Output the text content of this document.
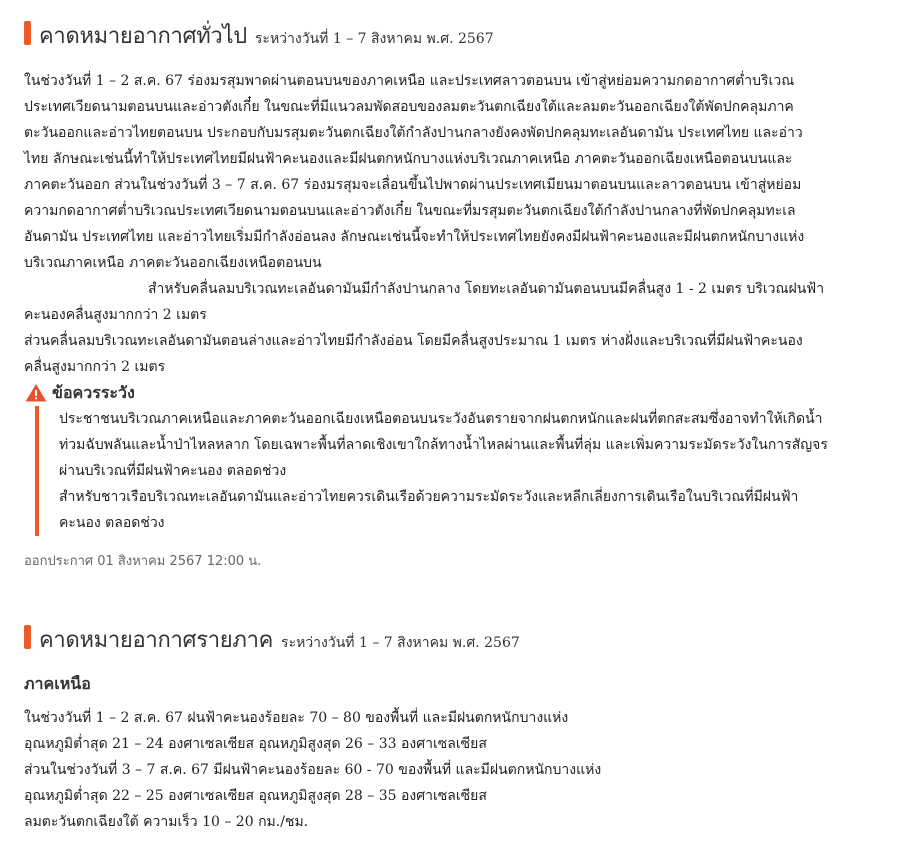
คาดหมายอากาศทั่วไป ระหว่างวันที่ 1 – 7 สิงหาคม พ.ศ. 2567

ในช่วงวันที่ 1 – 2 ส.ค. 67 ร่องมรสุมพาดผ่านตอนบนของภาคเหนือ และประเทศลาวตอนบน เข้าสู่หย่อมความกดอากาศต่ำบริเวณ
ประเทศเวียดนามตอนบนและอ่าวตังเกี๋ย ในขณะที่มีแนวลมพัดสอบของลมตะวันตกเฉียงใต้และลมตะวันออกเฉียงใต้พัดปกคลุมภาค
ตะวันออกและอ่าวไทยตอนบน ประกอบกับมรสุมตะวันตกเฉียงใต้กำลังปานกลางยังคงพัดปกคลุมทะเลอันดามัน ประเทศไทย และอ่าว
ไทย ลักษณะเช่นนี้ทำให้ประเทศไทยมีฝนฟ้าคะนองและมีฝนตกหนักบางแห่งบริเวณภาคเหนือ ภาคตะวันออกเฉียงเหนือตอนบนและ
ภาคตะวันออก ส่วนในช่วงวันที่ 3 – 7 ส.ค. 67 ร่องมรสุมจะเลื่อนขึ้นไปพาดผ่านประเทศเมียนมาตอนบนและลาวตอนบน เข้าสู่หย่อม
ความกดอากาศต่ำบริเวณประเทศเวียดนามตอนบนและอ่าวตังเกี๋ย ในขณะที่มรสุมตะวันตกเฉียงใต้กำลังปานกลางที่พัดปกคลุมทะเล
อันดามัน ประเทศไทย และอ่าวไทยเริ่มมีกำลังอ่อนลง ลักษณะเช่นนี้จะทำให้ประเทศไทยยังคงมีฝนฟ้าคะนองและมีฝนตกหนักบางแห่ง
บริเวณภาคเหนือ ภาคตะวันออกเฉียงเหนือตอนบน

สำหรับคลื่นลมบริเวณทะเลอันดามันมีกำลังปานกลาง โดยทะเลอันดามันตอนบนมีคลื่นสูง 1 - 2 เมตร บริเวณฝนฟ้า
คะนองคลื่นสูงมากกว่า 2 เมตร

ส่วนคลื่นลมบริเวณทะเลอันดามันตอนล่างและอ่าวไทยมีกำลังอ่อน โดยมีคลื่นสูงประมาณ 1 เมตร ห่างฝั่งและบริเวณที่มีฝนฟ้าคะนอง
คลื่นสูงมากกว่า 2 เมตร

ข้อควรระวัง

ประชาชนบริเวณภาคเหนือและภาคตะวันออกเฉียงเหนือตอนบนระวังอันตรายจากฝนตกหนักและฝนที่ตกสะสมซึ่งอาจทำให้เกิดน้ำ
ท่วมฉับพลันและน้ำป่าไหลหลาก โดยเฉพาะพื้นที่ลาดเชิงเขาใกล้ทางน้ำไหลผ่านและพื้นที่ลุ่ม และเพิ่มความระมัดระวังในการสัญจร
ผ่านบริเวณที่มีฝนฟ้าคะนอง ตลอดช่วง
สำหรับชาวเรือบริเวณทะเลอันดามันและอ่าวไทยควรเดินเรือด้วยความระมัดระวังและหลีกเลี่ยงการเดินเรือในบริเวณที่มีฝนฟ้า
คะนอง ตลอดช่วง

ออกประกาศ 01 สิงหาคม 2567 12:00 น.
คาดหมายอากาศรายภาค ระหว่างวันที่ 1 – 7 สิงหาคม พ.ศ. 2567
ภาคเหนือ

ในช่วงวันที่ 1 – 2 ส.ค. 67 ฝนฟ้าคะนองร้อยละ 70 – 80 ของพื้นที่ และมีฝนตกหนักบางแห่ง
อุณหภูมิต่ำสุด 21 – 24 องศาเซลเซียส อุณหภูมิสูงสุด 26 – 33 องศาเซลเซียส
ส่วนในช่วงวันที่ 3 – 7 ส.ค. 67 มีฝนฟ้าคะนองร้อยละ 60 - 70 ของพื้นที่ และมีฝนตกหนักบางแห่ง
อุณหภูมิต่ำสุด 22 – 25 องศาเซลเซียส อุณหภูมิสูงสุด 28 – 35 องศาเซลเซียส
ลมตะวันตกเฉียงใต้ ความเร็ว 10 – 20 กม./ชม.
